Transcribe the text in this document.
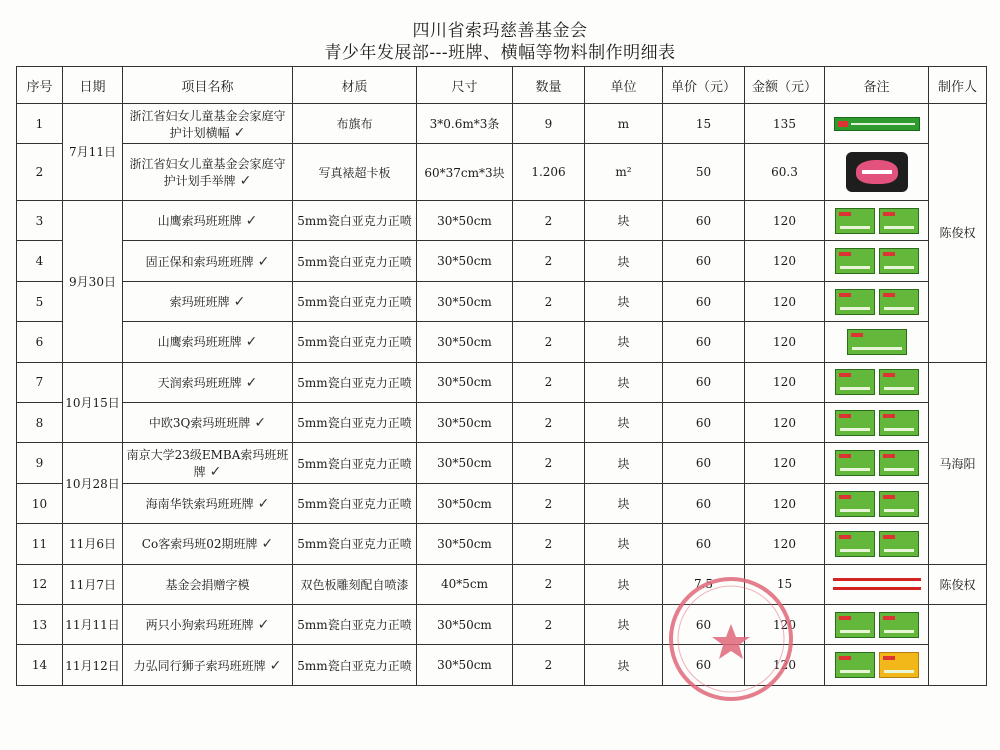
四川省索玛慈善基金会
青少年发展部---班牌、横幅等物料制作明细表
序号	日期	项目名称	材质	尺寸	数量	单位	单价（元）	金额（元）	备注	制作人
1	7月11日	浙江省妇女儿童基金会家庭守护计划横幅 ✓	布旗布	3*0.6m*3条	9	m	15	135		陈俊权
2		浙江省妇女儿童基金会家庭守护计划手举牌 ✓	写真裱超卡板	60*37cm*3块	1.206	m²	50	60.3		

3	9月30日	山鹰索玛班班牌 ✓	5mm瓷白亚克力正喷	30*50cm	2	块	60	120		

4		固正保和索玛班班牌 ✓	5mm瓷白亚克力正喷	30*50cm	2	块	60	120		

5		索玛班班牌 ✓	5mm瓷白亚克力正喷	30*50cm	2	块	60	120		

6		山鹰索玛班班牌 ✓	5mm瓷白亚克力正喷	30*50cm	2	块	60	120		

7	10月15日	天润索玛班班牌 ✓	5mm瓷白亚克力正喷	30*50cm	2	块	60	120		马海阳
8		中欧3Q索玛班班牌 ✓	5mm瓷白亚克力正喷	30*50cm	2	块	60	120		

9	10月28日	南京大学23级EMBA索玛班班牌 ✓	5mm瓷白亚克力正喷	30*50cm	2	块	60	120		

10		海南华铁索玛班班牌 ✓	5mm瓷白亚克力正喷	30*50cm	2	块	60	120		

11	11月6日	Co客索玛班02期班牌 ✓	5mm瓷白亚克力正喷	30*50cm	2	块	60	120		

12	11月7日	基金会捐赠字模	双色板雕刻配自喷漆	40*5cm	2	块	7.5	15		陈俊权
13	11月11日	两只小狗索玛班班牌 ✓	5mm瓷白亚克力正喷	30*50cm	2	块	60	120	

14	11月12日	力弘同行狮子索玛班班牌 ✓	5mm瓷白亚克力正喷	30*50cm	2	块	60	120		
